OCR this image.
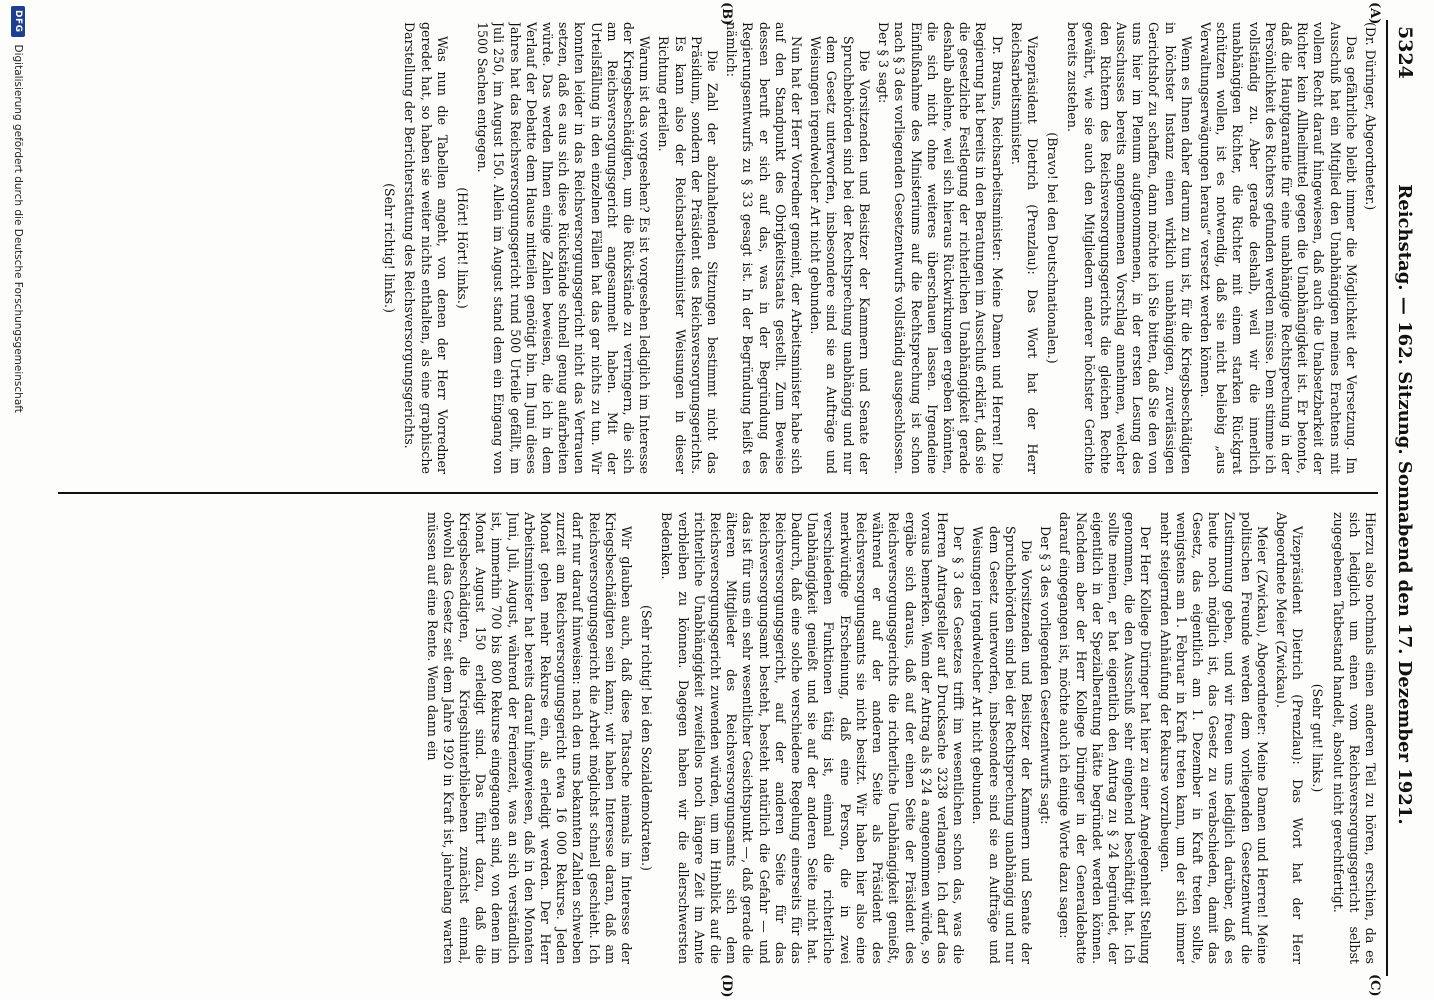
5324
Reichstag. — 162. Sitzung. Sonnabend den 17. Dezember 1921.
(A)
(B)
(C)
(D)

(Dr. Düringer, Abgeordneter.)

Das gefährliche bleibt immer die Möglichkeit der Versetzung. Im Ausschuß hat ein Mitglied den Unabhängigen meines Erachtens mit vollem Recht darauf hingewiesen, daß auch die Unabsetzbarkeit der Richter kein Allheilmittel gegen die Unabhängigkeit ist. Er betonte, daß die Hauptgarantie für eine unabhängige Rechtsprechung in der Persönlichkeit des Richters gefunden werden müsse. Dem stimme ich vollständig zu. Aber gerade deshalb, weil wir die innerlich unabhängigen Richter, die Richter mit einem starken Rückgrat schützen wollen, ist es notwendig, daß sie nicht beliebig „aus Verwaltungserwägungen heraus“ versetzt werden können.

Wenn es Ihnen daher darum zu tun ist, für die Kriegsbeschädigten in höchster Instanz einen wirklich unabhängigen, zuverlässigen Gerichtshof zu schaffen, dann möchte ich Sie bitten, daß Sie den von uns hier im Plenum aufgenommenen, in der ersten Lesung des Ausschusses bereits angenommenen Vorschlag annehmen, welcher den Richtern des Reichsversorgungsgerichts die gleichen Rechte gewährt, wie sie auch den Mitgliedern anderer höchster Gerichte bereits zustehen.

(Bravo! bei den Deutschnationalen.)

Vizepräsident Dietrich (Prenzlau): Das Wort hat der Herr Reichsarbeitsminister.

Dr. Brauns, Reichsarbeitsminister: Meine Damen und Herren! Die Regierung hat bereits in den Beratungen im Ausschuß erklärt, daß sie die gesetzliche Festlegung der richterlichen Unabhängigkeit gerade deshalb ablehne, weil sich hieraus Rückwirkungen ergeben könnten, die sich nicht ohne weiteres überschauen lassen. Irgendeine Einflußnahme des Ministeriums auf die Rechtsprechung ist schon nach § 3 des vorliegenden Gesetzentwurfs vollständig ausgeschlossen. Der § 3 sagt:

Die Vorsitzenden und Beisitzer der Kammern und Senate der Spruchbehörden sind bei der Rechtsprechung unabhängig und nur dem Gesetz unterworfen, insbesondere sind sie an Aufträge und Weisungen irgendwelcher Art nicht gebunden.

Nun hat der Herr Vorredner gemeint, der Arbeitsminister habe sich auf den Standpunkt des Obrigkeitsstaats gestellt. Zum Beweise dessen beruft er sich auf das, was in der Begründung des Regierungsentwurfs zu § 33 gesagt ist. In der Begründung heißt es nämlich:

Die Zahl der abzuhaltenden Sitzungen bestimmt nicht das Präsidium, sondern der Präsident des Reichsversorgungsgerichts. Es kann also der Reichsarbeitsminister Weisungen in dieser Richtung erteilen.

Warum ist das vorgesehen? Es ist vorgesehen lediglich im Interesse der Kriegsbeschädigten, um die Rückstände zu verringern, die sich am Reichsversorgungsgericht angesammelt haben. Mit der Urteilsfällung in den einzelnen Fällen hat das gar nichts zu tun. Wir konnten leider in das Reichsversorgungsgericht nicht das Vertrauen setzen, daß es aus sich diese Rückstände schnell genug aufarbeiten würde. Das werden Ihnen einige Zahlen beweisen, die ich in dem Verlauf der Debatte dem Hause mitteilen genötigt bin. Im Juni dieses Jahres hat das Reichsversorgungsgericht rund 500 Urteile gefällt, im Juli 250, im August 150. Allein im August stand dem ein Eingang von 1500 Sachen entgegen.

(Hört! Hört! links.)

Was nun die Tabellen angeht, von denen der Herr Vorredner geredet hat, so haben sie weiter nichts enthalten, als eine graphische Darstellung der Berichterstattung des Reichsversorgungsgerichts.

(Sehr richtig! links.)

Hierzu also nochmals einen anderen Teil zu hören, erschien, da es sich lediglich um einen vom Reichsversorgungsgericht selbst zugegebenen Tatbestand handelt, absolut nicht gerechtfertigt.

(Sehr gut! links.)

Vizepräsident Dietrich (Prenzlau): Das Wort hat der Herr Abgeordnete Meier (Zwickau).

Meier (Zwickau), Abgeordneter: Meine Damen und Herren! Meine politischen Freunde werden dem vorliegenden Gesetzentwurf die Zustimmung geben, und wir freuen uns lediglich darüber, daß es heute noch möglich ist, das Gesetz zu verabschieden, damit das Gesetz, das eigentlich am 1. Dezember in Kraft treten sollte, wenigstens am 1. Februar in Kraft treten kann, um der sich immer mehr steigernden Anhäufung der Rekurse vorzubeugen.

Der Herr Kollege Düringer hat hier zu einer Angelegenheit Stellung genommen, die den Ausschuß sehr eingehend beschäftigt hat. Ich sollte meinen, er hat eigentlich den Antrag zu § 24 begründet, der eigentlich in der Spezialberatung hätte begründet werden können. Nachdem aber der Herr Kollege Düringer in der Generaldebatte darauf eingegangen ist, möchte auch ich einige Worte dazu sagen:

Der § 3 des vorliegenden Gesetzentwurfs sagt:

Die Vorsitzenden und Beisitzer der Kammern und Senate der Spruchbehörden sind bei der Rechtsprechung unabhängig und nur dem Gesetz unterworfen, insbesondere sind sie an Aufträge und Weisungen irgendwelcher Art nicht gebunden.

Der § 3 des Gesetzes trifft im wesentlichen schon das, was die Herren Antragsteller auf Drucksache 3238 verlangen. Ich darf das voraus bemerken. Wenn der Antrag als § 24 a angenommen würde, so ergäbe sich daraus, daß auf der einen Seite der Präsident des Reichsversorgungsgerichts die richterliche Unabhängigkeit genießt, während er auf der anderen Seite als Präsident des Reichsversorgungsamts sie nicht besitzt. Wir haben hier also eine merkwürdige Erscheinung, daß eine Person, die in zwei verschiedenen Funktionen tätig ist, einmal die richterliche Unabhängigkeit genießt und sie auf der anderen Seite nicht hat. Dadurch, daß eine solche verschiedene Regelung einerseits für das Reichsversorgungsgericht, auf der anderen Seite für das Reichsversorgungsamt besteht, besteht natürlich die Gefahr — und das ist für uns ein sehr wesentlicher Gesichtspunkt —, daß gerade die älteren Mitglieder des Reichsversorgungsamts sich dem Reichsversorgungsgericht zuwenden würden, um im Hinblick auf die richterliche Unabhängigkeit zweifellos noch längere Zeit im Amte verbleiben zu können. Dagegen haben wir die allerschwersten Bedenken.

(Sehr richtig! bei den Sozialdemokraten.)

Wir glauben auch, daß diese Tatsache niemals im Interesse der Kriegsbeschädigten sein kann; wir haben Interesse daran, daß am Reichsversorgungsgericht die Arbeit möglichst schnell geschieht. Ich darf nur darauf hinweisen: nach den uns bekannten Zahlen schweben zurzeit am Reichsversorgungsgericht etwa 16 000 Rekurse. Jeden Monat gehen mehr Rekurse ein, als erledigt werden. Der Herr Arbeitsminister hat bereits darauf hingewiesen, daß in den Monaten Juni, Juli, August, während der Ferienzeit, was an sich verständlich ist, immerhin 700 bis 800 Rekurse eingegangen sind, von denen im Monat August 150 erledigt sind. Das führt dazu, daß die Kriegsbeschädigten, die Kriegshinterbliebenen zunächst einmal, obwohl das Gesetz seit dem Jahre 1920 in Kraft ist, jahrelang warten müssen auf eine Rente. Wenn dann ein

DFG
Digitalisierung gefördert durch die Deutsche Forschungsgemeinschaft
